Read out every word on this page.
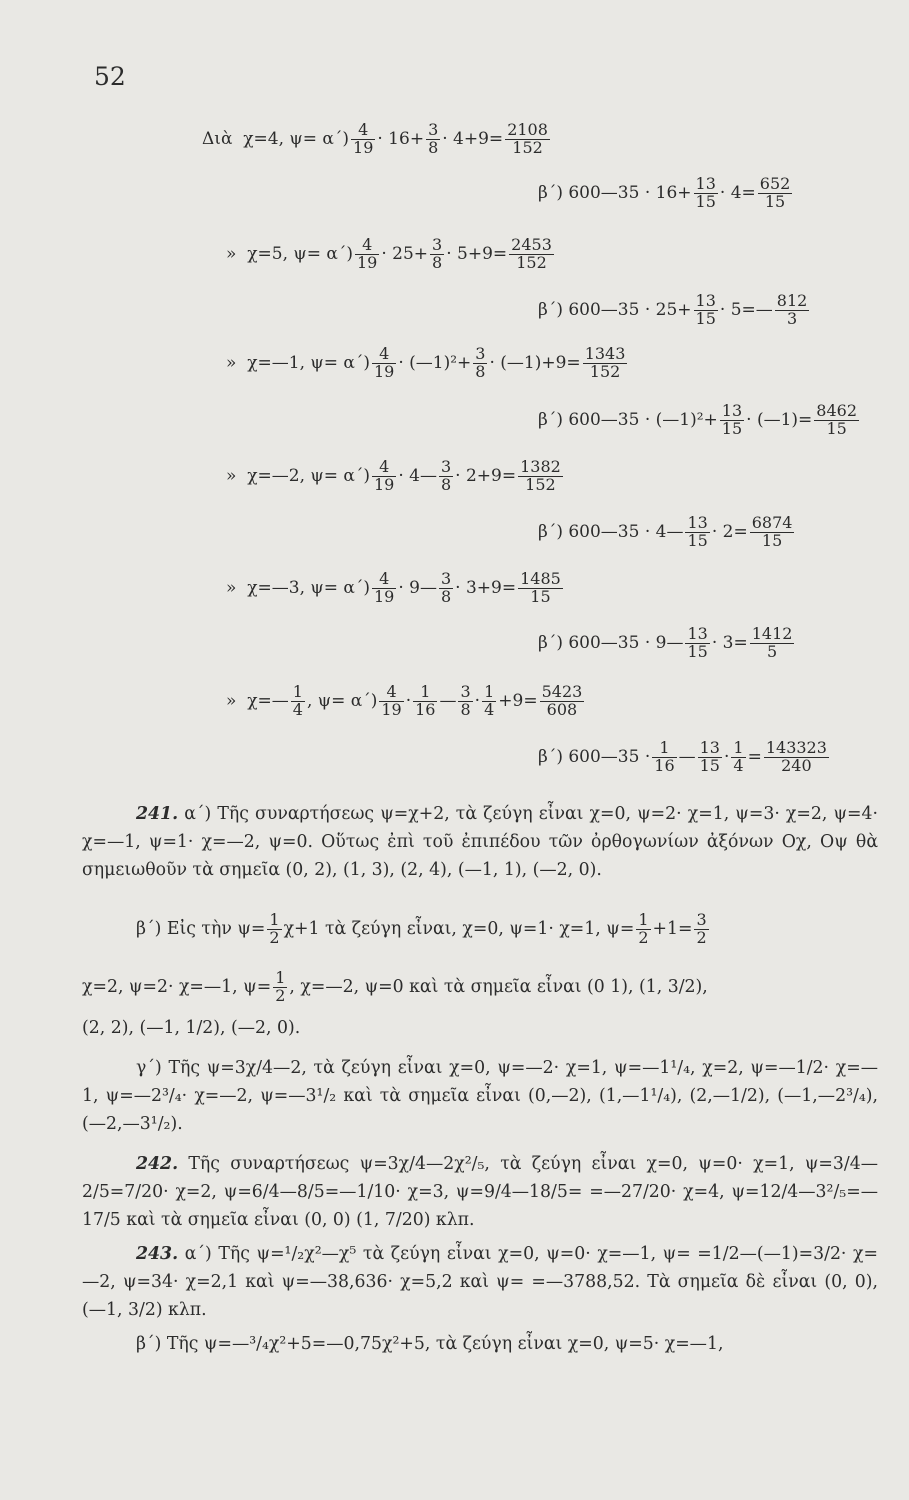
52
Διὰ
χ=4, $\psi= \alpha΄) \frac{4}{19} \cdot 16+ \frac{3}{8} \cdot 4+9= \frac{2108}{152}$
β΄) 600—35 · $16+ \frac{13}{15} \cdot 4= \frac{652}{15}$
»
χ=5, $\psi= \alpha΄) \frac{4}{19} \cdot 25+ \frac{3}{8} \cdot 5+9= \frac{2453}{152}$
β΄) 600—35 · $25+ \frac{13}{15}$ · 5=— $\frac{812}{3}$
»
χ=—1, $\psi= \alpha΄) \frac{4}{19}$ · (—1)²+ $\frac{3}{8}$ · (—1)+9= $\frac{1343}{152}$
β΄) 600—35 · (—1)²+ $\frac{13}{15}$ · (—1)= $\frac{8462}{15}$
»
χ=—2, $\psi= \alpha΄) \frac{4}{19}$ · 4— $\frac{3}{8} \cdot 2+9= \frac{1382}{152}$
β΄) 600—35 · 4— $\frac{13}{15} \cdot 2= \frac{6874}{15}$
»
χ=—3, $\psi= \alpha΄) \frac{4}{19}$ · 9— $\frac{3}{8} \cdot 3+9= \frac{1485}{15}$
β΄) 600—35 · 9— $\frac{13}{15} \cdot 3= \frac{1412}{5}$
»
χ=— $\frac{1}{4}$ , $\psi= \alpha΄) \frac{4}{19} \cdot \frac{1}{16}$ — $\frac{3}{8} \cdot \frac{1}{4} +9= \frac{5423}{608}$
β΄) 600—35 · $\frac{1}{16}$ — $\frac{13}{15} \cdot \frac{1}{4} = \frac{143323}{240}$
241. α΄) Τῆς συναρτήσεως ψ=χ+2, τὰ ζεύγη εἶναι χ=0, ψ=2· χ=1, ψ=3· χ=2, ψ=4· χ=—1, ψ=1· χ=—2, ψ=0. Οὕτως ἐπὶ τοῦ ἐπιπέδου τῶν ὀρθογωνίων ἀξόνων Οχ, Οψ θὰ σημειωθοῦν τὰ σημεῖα (0, 2), (1, 3), (2, 4), (—1, 1), (—2, 0).
β΄) Εἰς τὴν $\psi= \frac{1}{2} \chi+1$ τὰ ζεύγη εἶναι, χ=0, ψ=1· χ=1, $\psi= \frac{1}{2} +1= \frac{3}{2}$
χ=2, ψ=2· χ=—1, $\psi= \frac{1}{2}$ , χ=—2, ψ=0 καὶ τὰ σημεῖα εἶναι (0 1), (1, 3/2),
(2, 2), (—1, 1/2), (—2, 0).
γ΄) Τῆς ψ=3χ/4—2, τὰ ζεύγη εἶναι χ=0, ψ=—2· χ=1, ψ=—1¹/₄, χ=2, ψ=—1/2· χ=—1, ψ=—2³/₄· χ=—2, ψ=—3¹/₂ καὶ τὰ σημεῖα εἶναι (0,—2), (1,—1¹/₄), (2,—1/2), (—1,—2³/₄), (—2,—3¹/₂).
242. Τῆς συναρτήσεως ψ=3χ/4—2χ²/₅, τὰ ζεύγη εἶναι χ=0, ψ=0· χ=1, ψ=3/4—2/5=7/20· χ=2, ψ=6/4—8/5=—1/10· χ=3, ψ=9/4—18/5= =—27/20· χ=4, ψ=12/4—3²/₅=—17/5 καὶ τὰ σημεῖα εἶναι (0, 0) (1, 7/20) κλπ.
243. α΄) Τῆς ψ=¹/₂χ²—χ⁵ τὰ ζεύγη εἶναι χ=0, ψ=0· χ=—1, ψ= =1/2—(—1)=3/2· χ=—2, ψ=34· χ=2,1 καὶ ψ=—38,636· χ=5,2 καὶ ψ= =—3788,52. Τὰ σημεῖα δὲ εἶναι (0, 0), (—1, 3/2) κλπ.
β΄) Τῆς ψ=—³/₄χ²+5=—0,75χ²+5, τὰ ζεύγη εἶναι χ=0, ψ=5· χ=—1,
